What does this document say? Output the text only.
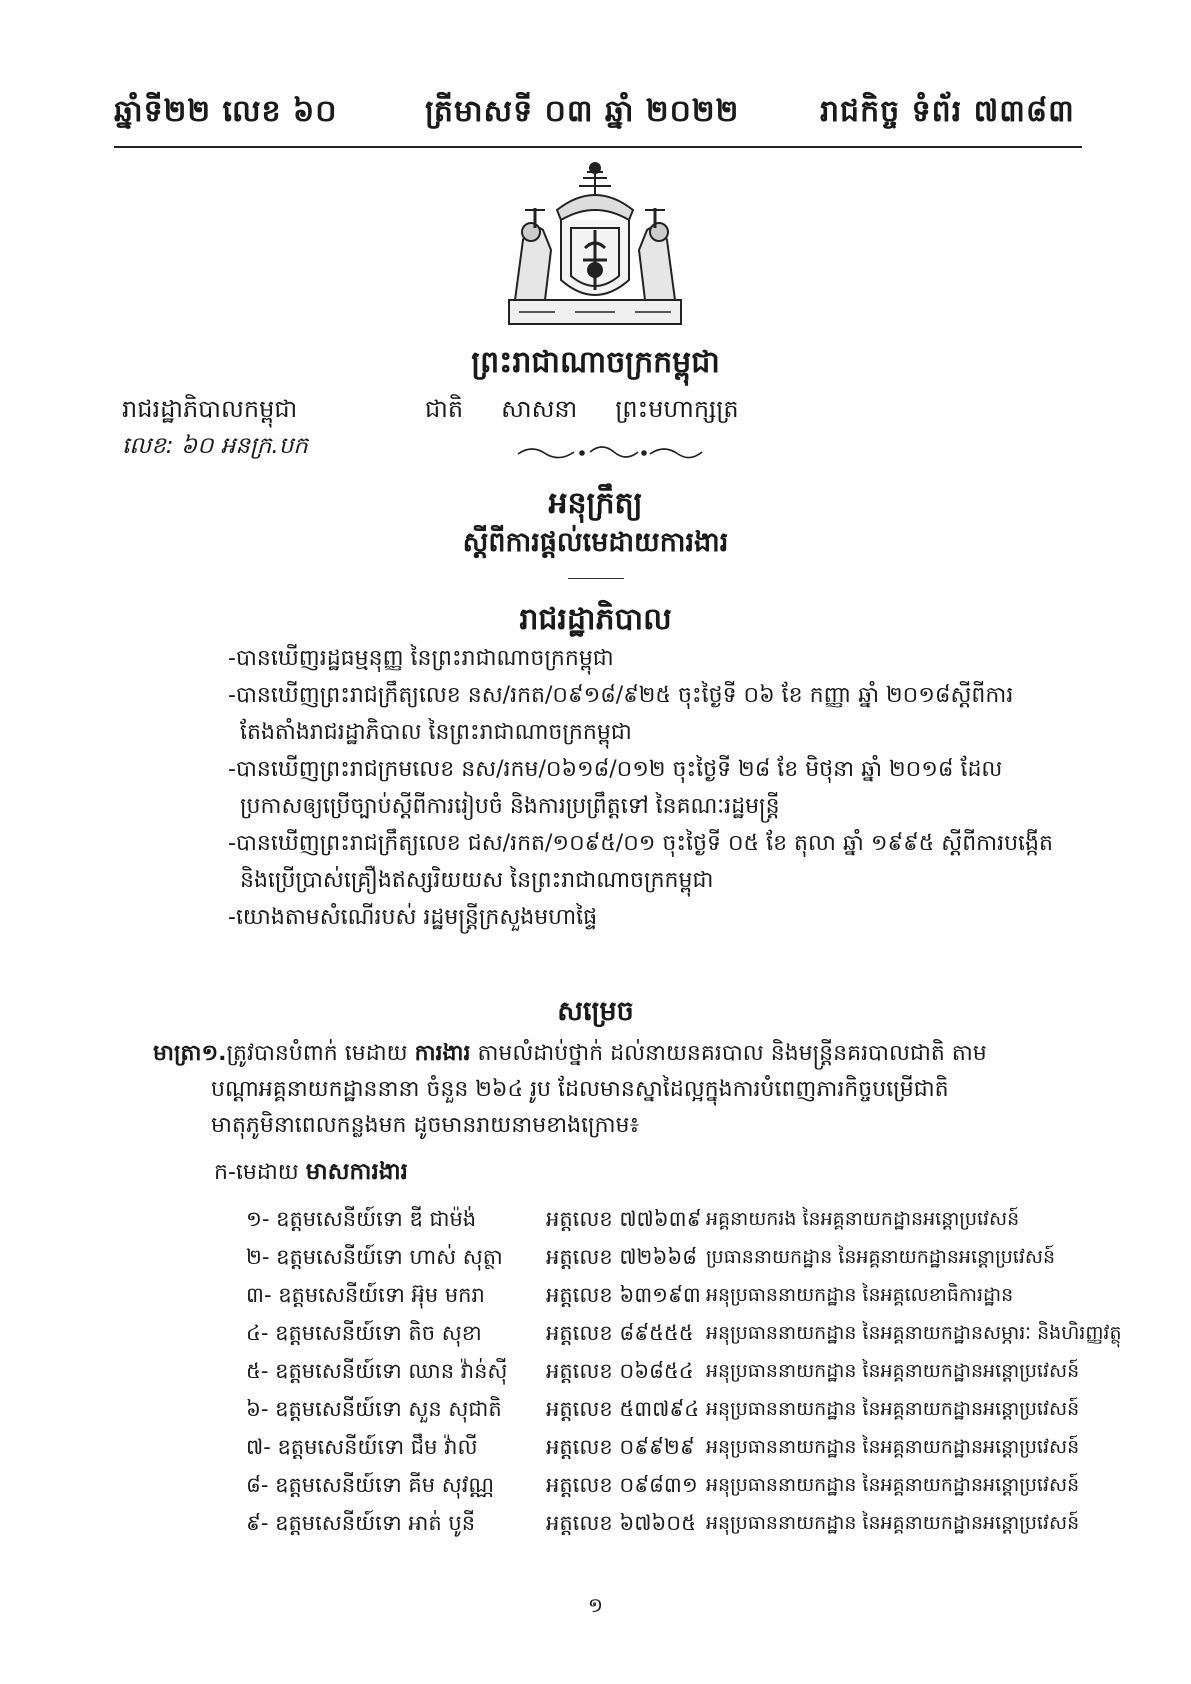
ឆ្នាំទី២២ លេខ ៦០	ត្រីមាសទី ០៣ ឆ្នាំ ២០២២	រាជកិច្ច ទំព័រ ៧៣៨៣
ព្រះរាជាណាចក្រកម្ពុជា
រាជរដ្ឋាភិបាលកម្ពុជា	ជាតិ សាសនា ព្រះមហាក្សត្រ
លេខ: ៦០ អនក្រ.បក
អនុក្រឹត្យ
ស្តីពីការផ្តល់មេដាយការងារ
រាជរដ្ឋាភិបាល
-បានឃើញរដ្ឋធម្មនុញ្ញ នៃព្រះរាជាណាចក្រកម្ពុជា
-បានឃើញព្រះរាជក្រឹត្យលេខ នស/រកត/០៩១៨/៩២៥ ចុះថ្ងៃទី ០៦ ខែ កញ្ញា ឆ្នាំ ២០១៨ស្តីពីការ
តែងតាំងរាជរដ្ឋាភិបាល នៃព្រះរាជាណាចក្រកម្ពុជា
-បានឃើញព្រះរាជក្រមលេខ នស/រកម/០៦១៨/០១២ ចុះថ្ងៃទី ២៨ ខែ មិថុនា ឆ្នាំ ២០១៨ ដែល
ប្រកាសឲ្យប្រើច្បាប់ស្តីពីការរៀបចំ និងការប្រព្រឹត្តទៅ នៃគណៈរដ្ឋមន្ត្រី
-បានឃើញព្រះរាជក្រឹត្យលេខ ជស/រកត/១០៩៥/០១ ចុះថ្ងៃទី ០៥ ខែ តុលា ឆ្នាំ ១៩៩៥ ស្តីពីការបង្កើត
និងប្រើប្រាស់គ្រឿងឥស្សរិយយស នៃព្រះរាជាណាចក្រកម្ពុជា
-យោងតាមសំណើរបស់ រដ្ឋមន្ត្រីក្រសួងមហាផ្ទៃ
សម្រេច
មាត្រា១.ត្រូវបានបំពាក់ មេដាយ ការងារ តាមលំដាប់ថ្នាក់ ដល់នាយនគរបាល និងមន្ត្រីនគរបាលជាតិ តាម
បណ្តាអគ្គនាយកដ្ឋាននានា ចំនួន ២៦៤ រូប ដែលមានស្នាដៃល្អក្នុងការបំពេញភារកិច្ចបម្រើជាតិ
មាតុភូមិនាពេលកន្លងមក ដូចមានរាយនាមខាងក្រោម៖
ក-មេដាយ មាសការងារ
១- ឧត្តមសេនីយ៍ទោ ឌី ជាម៉ង់	អត្តលេខ ៧៧៦៣៩ អគ្គនាយករង នៃអគ្គនាយកដ្ឋានអន្តោប្រវេសន៍
២- ឧត្តមសេនីយ៍ទោ ហាស់ សុត្ថា អត្តលេខ ៧២៦៦៨ ប្រធាននាយកដ្ឋាន នៃអគ្គនាយកដ្ឋានអន្តោប្រវេសន៍
៣- ឧត្តមសេនីយ៍ទោ អ៊ុម មករា	អត្តលេខ ៦៣១៩៣ អនុប្រធាននាយកដ្ឋាន នៃអគ្គលេខាធិការដ្ឋាន
៤- ឧត្តមសេនីយ៍ទោ តិច សុខា	អត្តលេខ ៨៩៥៥៥ អនុប្រធាននាយកដ្ឋាន នៃអគ្គនាយកដ្ឋានសម្ភារៈ និងហិរញ្ញវត្ថុ
៥- ឧត្តមសេនីយ៍ទោ ឈាន វ៉ាន់ស៊ី អត្តលេខ ០៦៨៥៤ អនុប្រធាននាយកដ្ឋាន នៃអគ្គនាយកដ្ឋានអន្តោប្រវេសន៍
៦- ឧត្តមសេនីយ៍ទោ សួន សុជាតិ អត្តលេខ ៥៣៧៩៤ អនុប្រធាននាយកដ្ឋាន នៃអគ្គនាយកដ្ឋានអន្តោប្រវេសន៍
៧- ឧត្តមសេនីយ៍ទោ ជឹម វ៉ាលី	អត្តលេខ ០៩៩២៩ អនុប្រធាននាយកដ្ឋាន នៃអគ្គនាយកដ្ឋានអន្តោប្រវេសន៍
៨- ឧត្តមសេនីយ៍ទោ គីម សុវណ្ណ អត្តលេខ ០៩៨៣១ អនុប្រធាននាយកដ្ឋាន នៃអគ្គនាយកដ្ឋានអន្តោប្រវេសន៍
៩- ឧត្តមសេនីយ៍ទោ អាត់ បូនី	អត្តលេខ ៦៧៦០៥ អនុប្រធាននាយកដ្ឋាន នៃអគ្គនាយកដ្ឋានអន្តោប្រវេសន៍
១
